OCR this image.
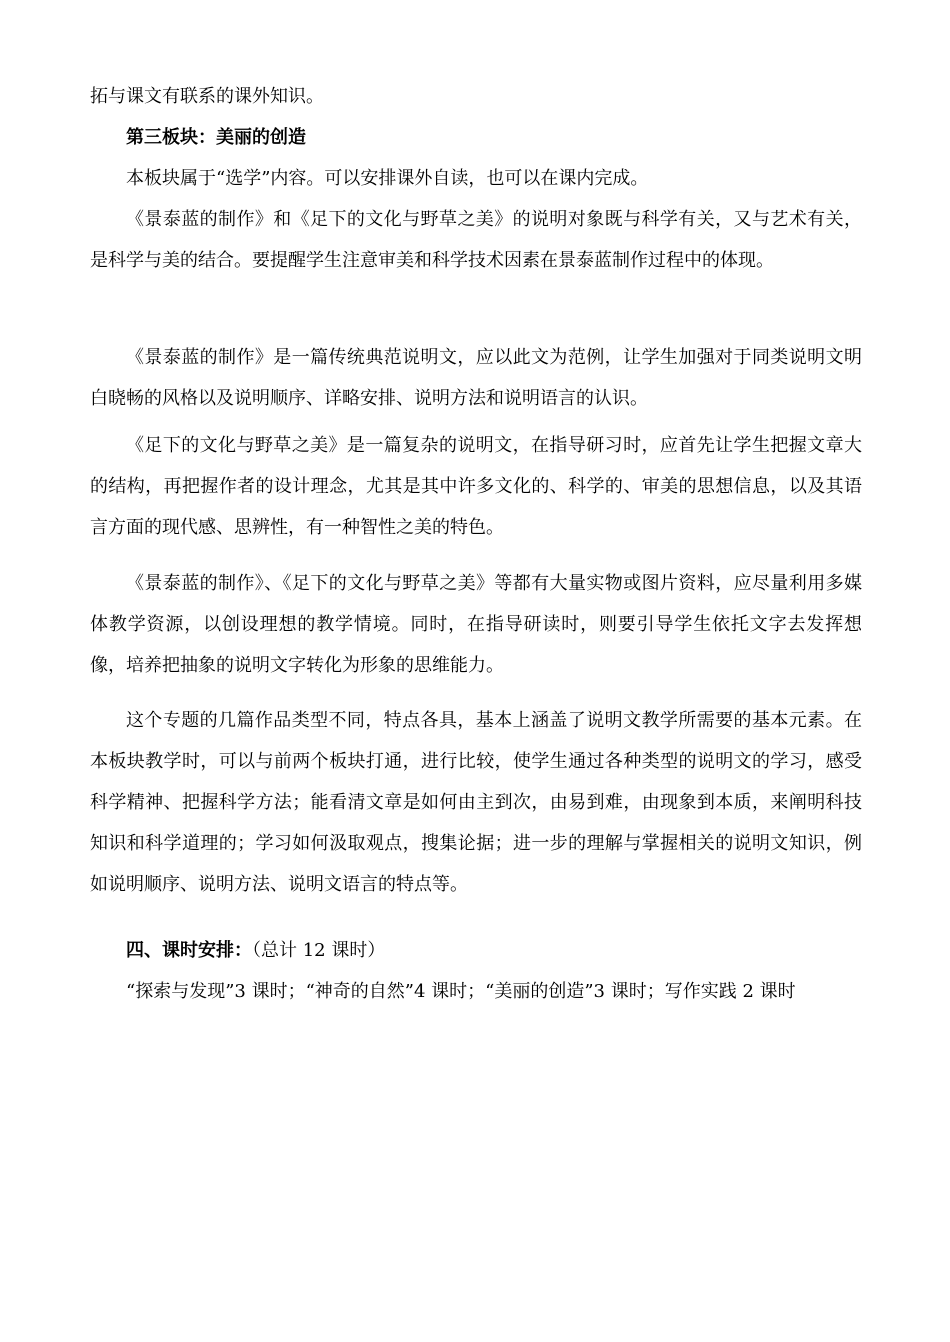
拓与课文有联系的课外知识。

第三板块：美丽的创造

本板块属于“选学”内容。可以安排课外自读，也可以在课内完成。

《景泰蓝的制作》和《足下的文化与野草之美》的说明对象既与科学有关，又与艺术有关，是科学与美的结合。要提醒学生注意审美和科学技术因素在景泰蓝制作过程中的体现。

《景泰蓝的制作》是一篇传统典范说明文，应以此文为范例，让学生加强对于同类说明文明白晓畅的风格以及说明顺序、详略安排、说明方法和说明语言的认识。

《足下的文化与野草之美》是一篇复杂的说明文，在指导研习时，应首先让学生把握文章大的结构，再把握作者的设计理念，尤其是其中许多文化的、科学的、审美的思想信息，以及其语言方面的现代感、思辨性，有一种智性之美的特色。

《景泰蓝的制作》、《足下的文化与野草之美》等都有大量实物或图片资料，应尽量利用多媒体教学资源，以创设理想的教学情境。同时，在指导研读时，则要引导学生依托文字去发挥想像，培养把抽象的说明文字转化为形象的思维能力。

这个专题的几篇作品类型不同，特点各具，基本上涵盖了说明文教学所需要的基本元素。在本板块教学时，可以与前两个板块打通，进行比较，使学生通过各种类型的说明文的学习，感受科学精神、把握科学方法；能看清文章是如何由主到次，由易到难，由现象到本质，来阐明科技知识和科学道理的；学习如何汲取观点，搜集论据；进一步的理解与掌握相关的说明文知识，例如说明顺序、说明方法、说明文语言的特点等。

四、课时安排：（总计 12 课时）

“探索与发现”3 课时；“神奇的自然”4 课时；“美丽的创造”3 课时；写作实践 2 课时
